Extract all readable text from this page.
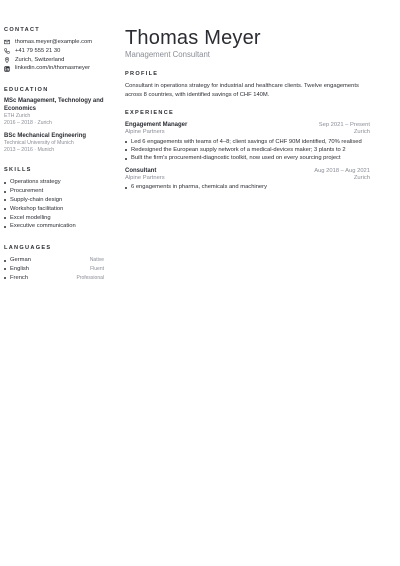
CONTACT
thomas.meyer@example.com
+41 79 555 21 30
Zurich, Switzerland
linkedin.com/in/thomasmeyer
EDUCATION
MSc Management, Technology and Economics
ETH Zurich
2016 – 2018 · Zurich
BSc Mechanical Engineering
Technical University of Munich
2013 – 2016 · Munich
SKILLS
Operations strategy
Procurement
Supply-chain design
Workshop facilitation
Excel modelling
Executive communication
LANGUAGES
German	Native
English	Fluent
French	Professional
Thomas Meyer
Management Consultant
PROFILE
Consultant in operations strategy for industrial and healthcare clients. Twelve engagements across 8 countries, with identified savings of CHF 140M.
EXPERIENCE
Engagement Manager	Sep 2021 – Present
Alpine Partners	Zurich
Led 6 engagements with teams of 4–8; client savings of CHF 90M identified, 70% realised
Redesigned the European supply network of a medical-devices maker; 3 plants to 2
Built the firm's procurement-diagnostic toolkit, now used on every sourcing project
Consultant	Aug 2018 – Aug 2021
Alpine Partners	Zurich
6 engagements in pharma, chemicals and machinery
